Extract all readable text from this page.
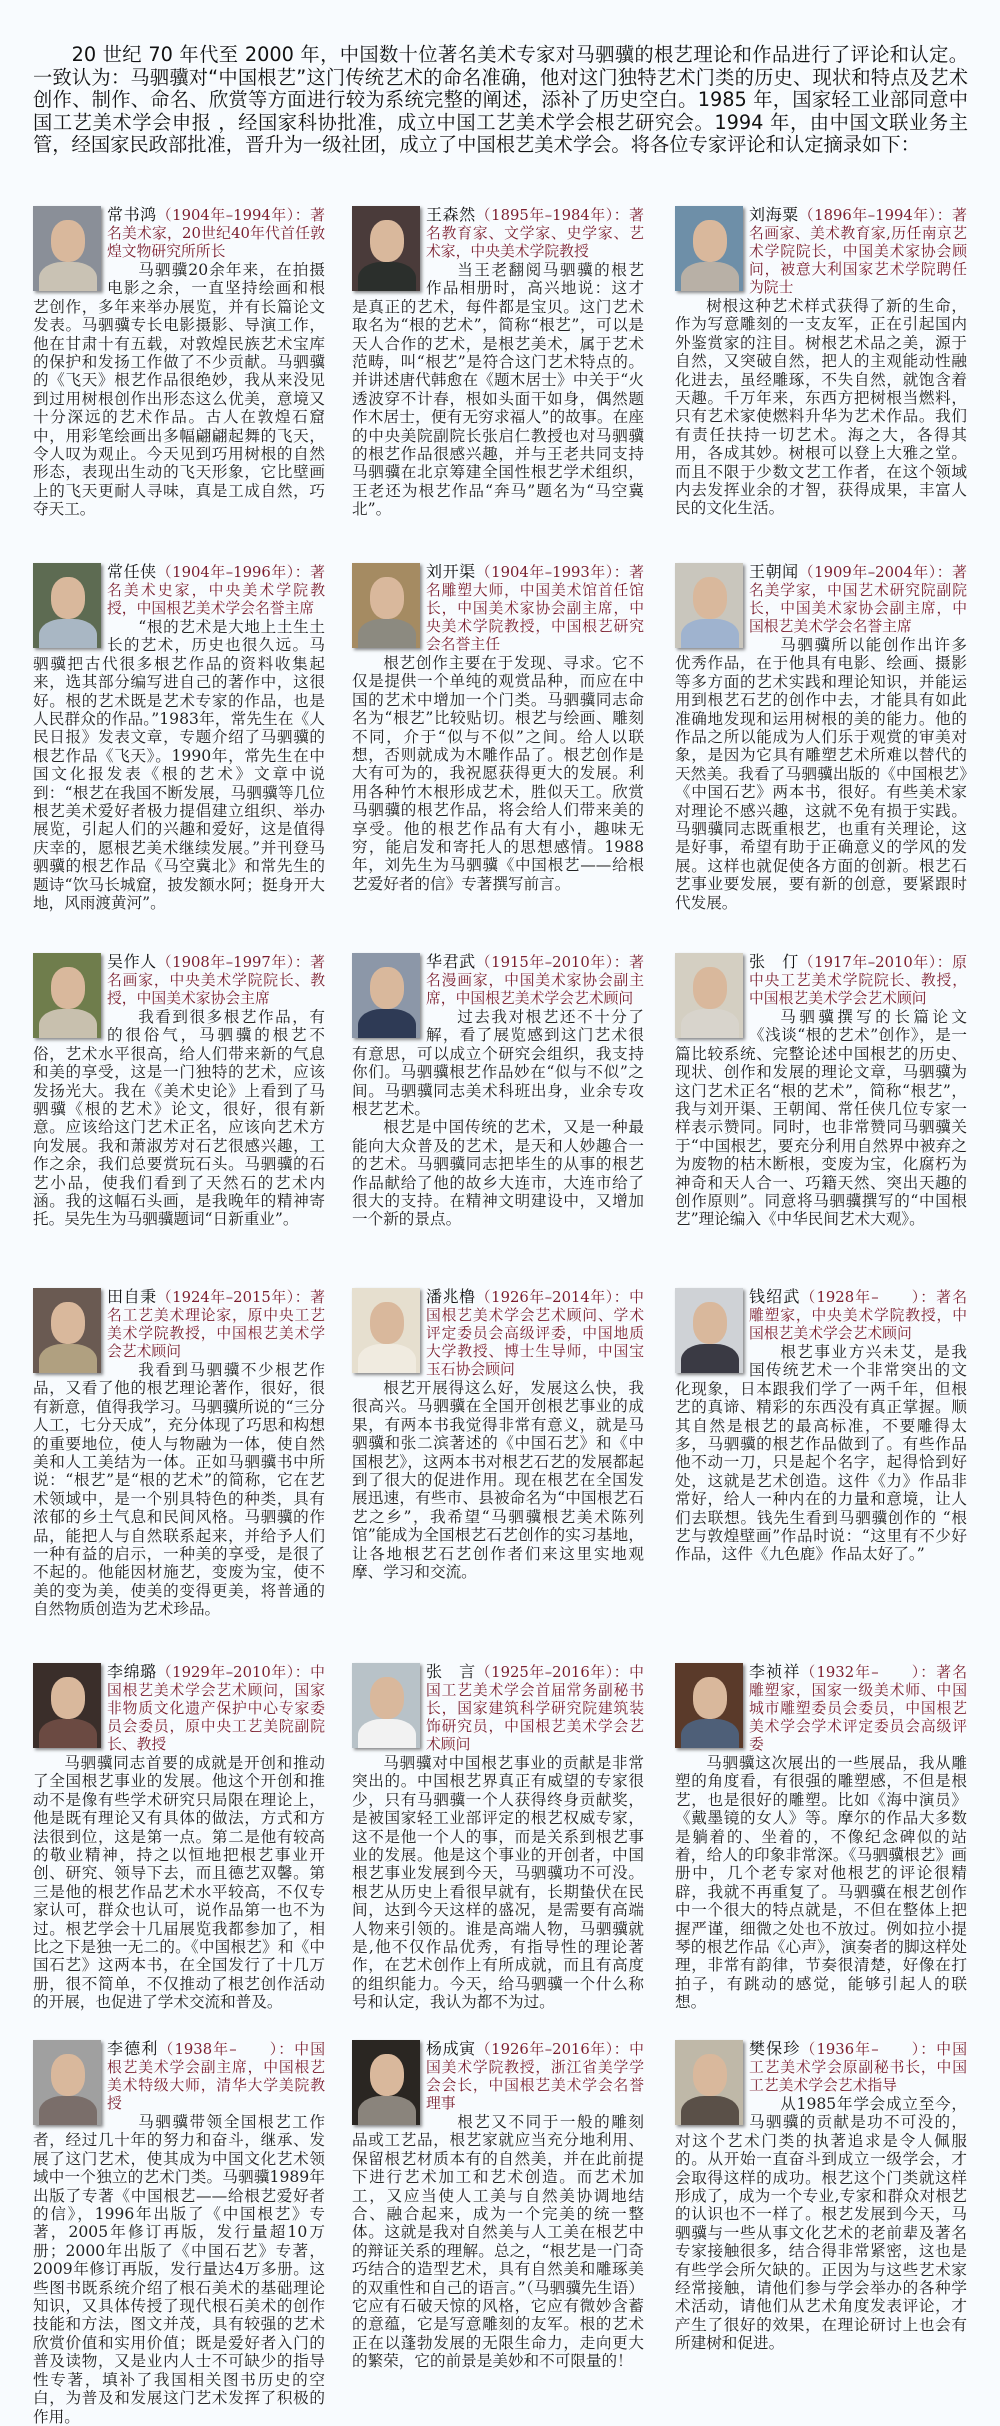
20 世纪 70 年代至 2000 年，中国数十位著名美术专家对马驷骥的根艺理论和作品进行了评论和认定。一致认为：马驷骥对“中国根艺”这门传统艺术的命名准确，他对这门独特艺术门类的历史、现状和特点及艺术创作、制作、命名、欣赏等方面进行较为系统完整的阐述，添补了历史空白。1985 年，国家轻工业部同意中国工艺美术学会申报 ，经国家科协批准，成立中国工艺美术学会根艺研究会。1994 年，由中国文联业务主管，经国家民政部批准，晋升为一级社团，成立了中国根艺美术学会。将各位专家评论和认定摘录如下：
常书鸿（1904年–1994年）：著名美术家，20世纪40年代首任敦煌文物研究所所长

马驷骥20余年来，在拍摄电影之余，一直坚持绘画和根艺创作，多年来举办展览，并有长篇论文发表。马驷骥专长电影摄影、导演工作，他在甘肃十有五载，对敦煌民族艺术宝库的保护和发扬工作做了不少贡献。马驷骥的《飞天》根艺作品很绝妙，我从来没见到过用树根创作出形态这么优美，意境又十分深远的艺术作品。古人在敦煌石窟中，用彩笔绘画出多幅翩翩起舞的飞天，令人叹为观止。今天见到巧用树根的自然形态，表现出生动的飞天形象，它比壁画上的飞天更耐人寻味，真是工成自然，巧夺天工。

王森然（1895年–1984年）：著名教育家、文学家、史学家、艺术家，中央美术学院教授

当王老翻阅马驷骥的根艺作品相册时，高兴地说：这才是真正的艺术，每件都是宝贝。这门艺术取名为“根的艺术”，简称“根艺”，可以是天人合作的艺术，是根艺美术，属于艺术范畴，叫“根艺”是符合这门艺术特点的。并讲述唐代韩愈在《题木居士》中关于“火透波穿不计春，根如头面干如身，偶然题作木居士，便有无穷求福人”的故事。在座的中央美院副院长张启仁教授也对马驷骥的根艺作品很感兴趣，并与王老共同支持马驷骥在北京筹建全国性根艺学术组织，王老还为根艺作品“奔马”题名为“马空冀北”。

刘海粟（1896年–1994年）：著名画家、美术教育家,历任南京艺术学院院长，中国美术家协会顾问，被意大利国家艺术学院聘任为院士

树根这种艺术样式获得了新的生命，作为写意雕刻的一支友军，正在引起国内外鉴赏家的注目。树根艺术品之美，源于自然，又突破自然，把人的主观能动性融化进去，虽经雕琢，不失自然，就饱含着天趣。千万年来，东西方把树根当燃料，只有艺术家使燃料升华为艺术作品。我们有责任扶持一切艺术。海之大，各得其用，各成其妙。树根可以登上大雅之堂。而且不限于少数文艺工作者，在这个领域内去发挥业余的才智，获得成果，丰富人民的文化生活。

常任侠（1904年–1996年）：著名美术史家，中央美术学院教授，中国根艺美术学会名誉主席

“根的艺术是大地上土生土长的艺术，历史也很久远。马驷骥把古代很多根艺作品的资料收集起来，选其部分编写进自己的著作中，这很好。根的艺术既是艺术专家的作品，也是人民群众的作品。”1983年，常先生在《人民日报》发表文章，专题介绍了马驷骥的根艺作品《飞天》。1990年，常先生在中国文化报发表《根的艺术》文章中说到：“根艺在我国不断发展，马驷骥等几位根艺美术爱好者极力提倡建立组织、举办展览，引起人们的兴趣和爱好，这是值得庆幸的，愿根艺美术继续发展。”并刊登马驷骥的根艺作品《马空冀北》和常先生的题诗“饮马长城窟，披发额水阿；挺身开大地，风雨渡黄河”。

刘开渠（1904年–1993年）：著名雕塑大师，中国美术馆首任馆长，中国美术家协会副主席，中央美术学院教授，中国根艺研究会名誉主任

根艺创作主要在于发现、寻求。它不仅是提供一个单纯的观赏品种，而应在中国的艺术中增加一个门类。马驷骥同志命名为“根艺”比较贴切。根艺与绘画、雕刻不同，介于“似与不似”之间。给人以联想，否则就成为木雕作品了。根艺创作是大有可为的，我祝愿获得更大的发展。利用各种竹木根形成艺术，胜似天工。欣赏马驷骥的根艺作品，将会给人们带来美的享受。他的根艺作品有大有小，趣味无穷，能启发和寄托人的思想感情。1988年，刘先生为马驷骥《中国根艺——给根艺爱好者的信》专著撰写前言。

王朝闻（1909年–2004年）：著名美学家，中国艺术研究院副院长，中国美术家协会副主席，中国根艺美术学会名誉主席

马驷骥所以能创作出许多优秀作品，在于他具有电影、绘画、摄影等多方面的艺术实践和理论知识，并能运用到根艺石艺的创作中去，才能具有如此准确地发现和运用树根的美的能力。他的作品之所以能成为人们乐于观赏的审美对象，是因为它具有雕塑艺术所难以替代的天然美。我看了马驷骥出版的《中国根艺》《中国石艺》两本书，很好。有些美术家对理论不感兴趣，这就不免有损于实践。马驷骥同志既重根艺，也重有关理论，这是好事，希望有助于正确意义的学风的发展。这样也就促使各方面的创新。根艺石艺事业要发展，要有新的创意，要紧跟时代发展。

吴作人（1908年–1997年）：著名画家，中央美术学院院长、教授，中国美术家协会主席

我看到很多根艺作品，有的很俗气，马驷骥的根艺不俗，艺术水平很高，给人们带来新的气息和美的享受，这是一门独特的艺术，应该发扬光大。我在《美术史论》上看到了马驷骥《根的艺术》论文，很好，很有新意。应该给这门艺术正名，应该向艺术方向发展。我和萧淑芳对石艺很感兴趣，工作之余，我们总要赏玩石头。马驷骥的石艺小品，使我们看到了天然石的艺术内涵。我的这幅石头画，是我晚年的精神寄托。吴先生为马驷骥题词“日新重业”。

华君武（1915年–2010年）：著名漫画家，中国美术家协会副主席，中国根艺美术学会艺术顾问

过去我对根艺还不十分了解，看了展览感到这门艺术很有意思，可以成立个研究会组织，我支持你们。马驷骥根艺作品妙在“似与不似”之间。马驷骥同志美术科班出身，业余专攻根艺艺术。

根艺是中国传统的艺术，又是一种最能向大众普及的艺术，是天和人妙趣合一的艺术。马驷骥同志把毕生的从事的根艺作品献给了他的故乡大连市，大连市给了很大的支持。在精神文明建设中，又增加一个新的景点。

张　仃（1917年–2010年）：原中央工艺美术学院院长、教授，中国根艺美术学会艺术顾问

马驷骥撰写的长篇论文《浅谈“根的艺术”创作》，是一篇比较系统、完整论述中国根艺的历史、现状、创作和发展的理论文章，马驷骥为这门艺术正名“根的艺术”，简称“根艺”，我与刘开渠、王朝闻、常任侠几位专家一样表示赞同。同时，也非常赞同马驷骥关于“中国根艺，要充分利用自然界中被弃之为废物的枯木断根，变废为宝，化腐朽为神奇和天人合一、巧籍天然、突出天趣的创作原则”。同意将马驷骥撰写的“中国根艺”理论编入《中华民间艺术大观》。

田自秉（1924年–2015年）：著名工艺美术理论家，原中央工艺美术学院教授，中国根艺美术学会艺术顾问

我看到马驷骥不少根艺作品，又看了他的根艺理论著作，很好，很有新意，值得我学习。马驷骥所说的“三分人工，七分天成”，充分体现了巧思和构想的重要地位，使人与物融为一体，使自然美和人工美结为一体。正如马驷骥书中所说：“根艺”是“根的艺术”的简称，它在艺术领域中，是一个别具特色的种类，具有浓郁的乡土气息和民间风格。马驷骥的作品，能把人与自然联系起来，并给予人们一种有益的启示，一种美的享受，是很了不起的。他能因材施艺，变废为宝，使不美的变为美，使美的变得更美，将普通的自然物质创造为艺术珍品。

潘兆橹（1926年–2014年）：中国根艺美术学会艺术顾问、学术评定委员会高级评委，中国地质大学教授、博士生导师，中国宝玉石协会顾问

根艺开展得这么好，发展这么快，我很高兴。马驷骥在全国开创根艺事业的成果，有两本书我觉得非常有意义，就是马驷骥和张二滨著述的《中国石艺》和《中国根艺》，这两本书对根艺石艺的发展都起到了很大的促进作用。现在根艺在全国发展迅速，有些市、县被命名为“中国根艺石艺之乡”，我希望“马驷骥根艺美术陈列馆”能成为全国根艺石艺创作的实习基地，让各地根艺石艺创作者们来这里实地观摩、学习和交流。

钱绍武（1928年–　　）：著名雕塑家，中央美术学院教授，中国根艺美术学会艺术顾问

根艺事业方兴未艾，是我国传统艺术一个非常突出的文化现象，日本跟我们学了一两千年，但根艺的真谛、精彩的东西没有真正掌握。顺其自然是根艺的最高标准，不要雕得太多，马驷骥的根艺作品做到了。有些作品他不动一刀，只是起个名字，起得恰到好处，这就是艺术创造。这件《力》作品非常好，给人一种内在的力量和意境，让人们去联想。钱先生看到马驷骥创作的 “根艺与敦煌壁画”作品时说：“这里有不少好作品，这件《九色鹿》作品太好了。”

李绵璐（1929年–2010年）：中国根艺美术学会艺术顾问，国家非物质文化遗产保护中心专家委员会委员，原中央工艺美院副院长、教授

马驷骥同志首要的成就是开创和推动了全国根艺事业的发展。他这个开创和推动不是像有些学术研究只局限在理论上，他是既有理论又有具体的做法，方式和方法很到位，这是第一点。第二是他有较高的敬业精神，持之以恒地把根艺事业开创、研究、领导下去，而且德艺双馨。第三是他的根艺作品艺术水平较高，不仅专家认可，群众也认可，说作品第一也不为过。根艺学会十几届展览我都参加了，相比之下是独一无二的。《中国根艺》和《中国石艺》这两本书，在全国发行了十几万册，很不简单，不仅推动了根艺创作活动的开展，也促进了学术交流和普及。

张　言（1925年–2016年）：中国工艺美术学会首届常务副秘书长，国家建筑科学研究院建筑装饰研究员，中国根艺美术学会艺术顾问

马驷骥对中国根艺事业的贡献是非常突出的。中国根艺界真正有威望的专家很少，只有马驷骥一个人获得终身贡献奖，是被国家轻工业部评定的根艺权威专家，这不是他一个人的事，而是关系到根艺事业的发展。他是这个事业的开创者，中国根艺事业发展到今天，马驷骥功不可没。根艺从历史上看很早就有，长期蛰伏在民间，达到今天这样的盛况，是需要有高端人物来引领的。谁是高端人物，马驷骥就是,他不仅作品优秀，有指导性的理论著作，在艺术创作上有所成就，而且有高度的组织能力。今天，给马驷骥一个什么称号和认定，我认为都不为过。

李祯祥（1932年–　　）：著名雕塑家，国家一级美术师、中国城市雕塑委员会委员，中国根艺美术学会学术评定委员会高级评委

马驷骥这次展出的一些展品，我从雕塑的角度看，有很强的雕塑感，不但是根艺，也是很好的雕塑。比如《海中演员》《戴墨镜的女人》等。摩尔的作品大多数是躺着的、坐着的，不像纪念碑似的站着，给人的印象非常深。《马驷骥根艺》画册中，几个老专家对他根艺的评论很精辟，我就不再重复了。马驷骥在根艺创作中一个很大的特点就是，不但在整体上把握严谨，细微之处也不放过。例如拉小提琴的根艺作品《心声》，演奏者的脚这样处理，非常有韵律，节奏很清楚，好像在打拍子，有跳动的感觉，能够引起人的联想。

李德利（1938年–　　）：中国根艺美术学会副主席，中国根艺美术特级大师，清华大学美院教授

马驷骥带领全国根艺工作者，经过几十年的努力和奋斗，继承、发展了这门艺术，使其成为中国文化艺术领域中一个独立的艺术门类。马驷骥1989年出版了专著《中国根艺——给根艺爱好者的信》，1996年出版了《中国根艺》专著，2005年修订再版，发行量超10万册；2000年出版了《中国石艺》专著，2009年修订再版，发行量达4万多册。这些图书既系统介绍了根石美术的基础理论知识，又具体传授了现代根石美术的创作技能和方法，图文并茂，具有较强的艺术欣赏价值和实用价值；既是爱好者入门的普及读物，又是业内人士不可缺少的指导性专著，填补了我国相关图书历史的空白，为普及和发展这门艺术发挥了积极的作用。

杨成寅（1926年–2016年）：中国美术学院教授，浙江省美学学会会长，中国根艺美术学会名誉理事

根艺又不同于一般的雕刻品或工艺品，根艺家就应当充分地利用、保留根艺材质本有的自然美，并在此前提下进行艺术加工和艺术创造。而艺术加工，又应当使人工美与自然美协调地结合、融合起来，成为一个完美的统一整体。这就是我对自然美与人工美在根艺中的辩证关系的理解。总之，“根艺是一门奇巧结合的造型艺术，具有自然美和雕琢美的双重性和自己的语言。”（马驷骥先生语）它应有石破天惊的风格，它应有微妙含蓄的意蕴，它是写意雕刻的友军。根的艺术正在以蓬勃发展的无限生命力，走向更大的繁荣，它的前景是美妙和不可限量的！

樊保珍（1936年–　　）：中国工艺美术学会原副秘书长，中国工艺美术学会艺术指导

从1985年学会成立至今，马驷骥的贡献是功不可没的，对这个艺术门类的执著追求是令人佩服的。从开始一直奋斗到成立一级学会，才会取得这样的成功。根艺这个门类就这样形成了，成为一个专业,专家和群众对根艺的认识也不一样了。根艺发展到今天，马驷骥与一些从事文化艺术的老前辈及著名专家接触很多，结合得非常紧密，这也是有些学会所欠缺的。正因为与这些艺术家经常接触，请他们参与学会举办的各种学术活动，请他们从艺术角度发表评论，才产生了很好的效果，在理论研讨上也会有所建树和促进。
